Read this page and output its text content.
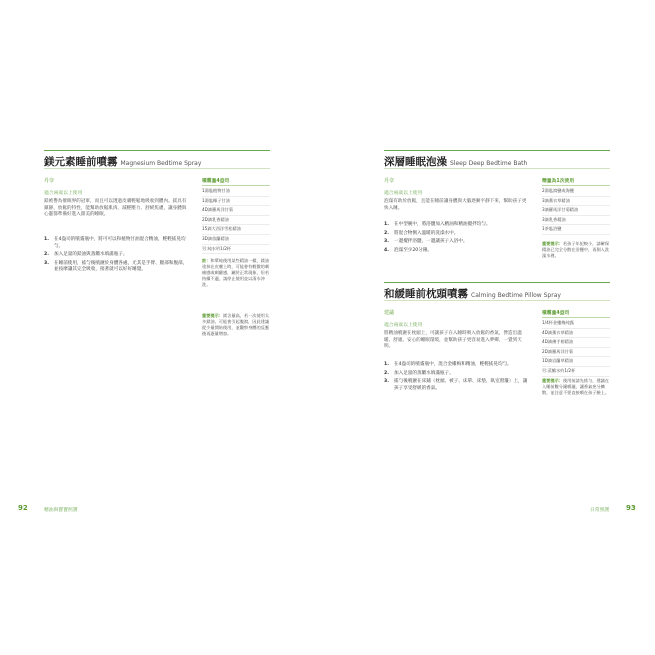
鎂元素睡前噴霧 Magnesium Bedtime Spray
丹奈
適合兩歲以上使用
鎂被譽為催眠界的冠軍，而且可以透過皮膚輕鬆地吸收到體內。鎂具有鎮靜、放鬆的特性，能幫助放鬆肌肉、減輕壓力、舒緩焦慮，讓身體與心靈都準備好進入甜美的睡眠。
1. 在4盎司的噴霧瓶中，將可可以和植物甘油混合精油，輕輕搖晃均勻。
2. 加入足量的鎂油與蒸餾水填滿瓶子。
3. 在睡前使用，搖勻後噴灑於身體各處，尤其是手臂、腿部和腹部，並按摩讓其完全吸收，接著就可以好好睡覺。
噴霧量4盎司
1湯匙植物甘油
1湯匙椰子甘油
4D滴羅馬洋甘菊
2D滴乳香精油
15滴大西洋雪松精油
3D滴依蘭精油
另:純水約1/2杯
註：和單純使用某些精油一樣，鎂油塗抹在皮膚上時，可能會有輕微的刺痛感或刺癢感，屬於正常現象，但若持續不適，請停止使用並以清水沖洗。
重要提示：鎂含量高，若一次使用太多鎂油，可能會引起腹瀉，因此建議從少量開始使用，並觀察身體的反應後再逐量增加。
92	精油與寶寶照護
深層睡眠泡澡 Sleep Deep Bedtime Bath
丹奈
適合兩歲以上使用
泡澡有助於放鬆，且能在睡前讓身體與大腦逐漸平靜下來，幫助孩子更快入睡。
1. 在中型碗中，將浴鹽加入精油和精油攪拌均勻。
2. 將混合物倒入溫暖的洗澡水中。
3. 一邊攪拌浴鹽，一邊讓孩子入浴中。
4. 泡澡至少20分鐘。
精量為1次使用
2湯匙瀉鹽或海鹽
3滴薰衣草精油
3滴羅馬洋甘菊精油
3滴乳香精油
1茶匙浴鹽
重要提示：若孩子年紀較小，請確保精油已完全分散在浴鹽中，再倒入洗澡水裡。
和緩睡前枕頭噴霧 Calming Bedtime Pillow Spray
建議
適合兩歲以上使用
將精油噴灑在枕頭上，可讓孩子在入睡時吸入放鬆的香氣，營造出溫暖、舒適、安心的睡眠環境，並幫助孩子更容易進入夢鄉，一覺到天明。
1. 在4盎司的噴霧瓶中，混合金縷梅和精油，輕輕搖晃均勻。
2. 加入足量的蒸餾水填滿瓶子。
3. 搖勻後噴灑在床鋪（枕頭、被子、床單、床墊、臥室窗簾）上，讓孩子享受舒緩的香氣。
噴霧量4盎司
1/4杯金縷梅純露
4D滴薰衣草精油
4D滴佛手柑精油
2D滴羅馬洋甘菊
1D滴岩蘭草精油
另:蒸餾水約1/2杯
重要提示：使用前請先搖勻，建議在入睡前數分鐘噴灑，讓香氣充分擴散，並注意不要直接噴在孩子臉上。
日常照護 93
